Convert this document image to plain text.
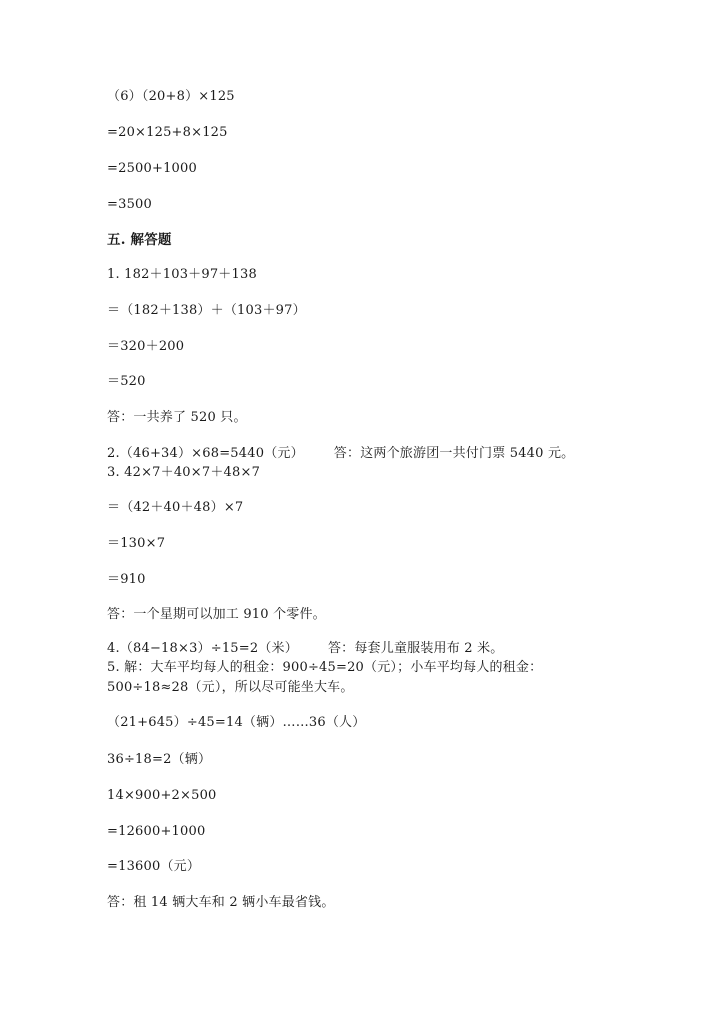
（6）（20+8）×125
=20×125+8×125
=2500+1000
=3500
五. 解答题
1. 182＋103＋97＋138
＝（182＋138）＋（103＋97）
＝320＋200
＝520
答：一共养了 520 只。
2.（46+34）×68=5440（元） 答：这两个旅游团一共付门票 5440 元。
3. 42×7＋40×7＋48×7
＝（42＋40＋48）×7
＝130×7
＝910
答：一个星期可以加工 910 个零件。
4.（84−18×3）÷15=2（米） 答：每套儿童服装用布 2 米。
5. 解：大车平均每人的租金：900÷45=20（元）；小车平均每人的租金：
500÷18≈28（元），所以尽可能坐大车。
（21+645）÷45=14（辆）……36（人）
36÷18=2（辆）
14×900+2×500
=12600+1000
=13600（元）
答：租 14 辆大车和 2 辆小车最省钱。
